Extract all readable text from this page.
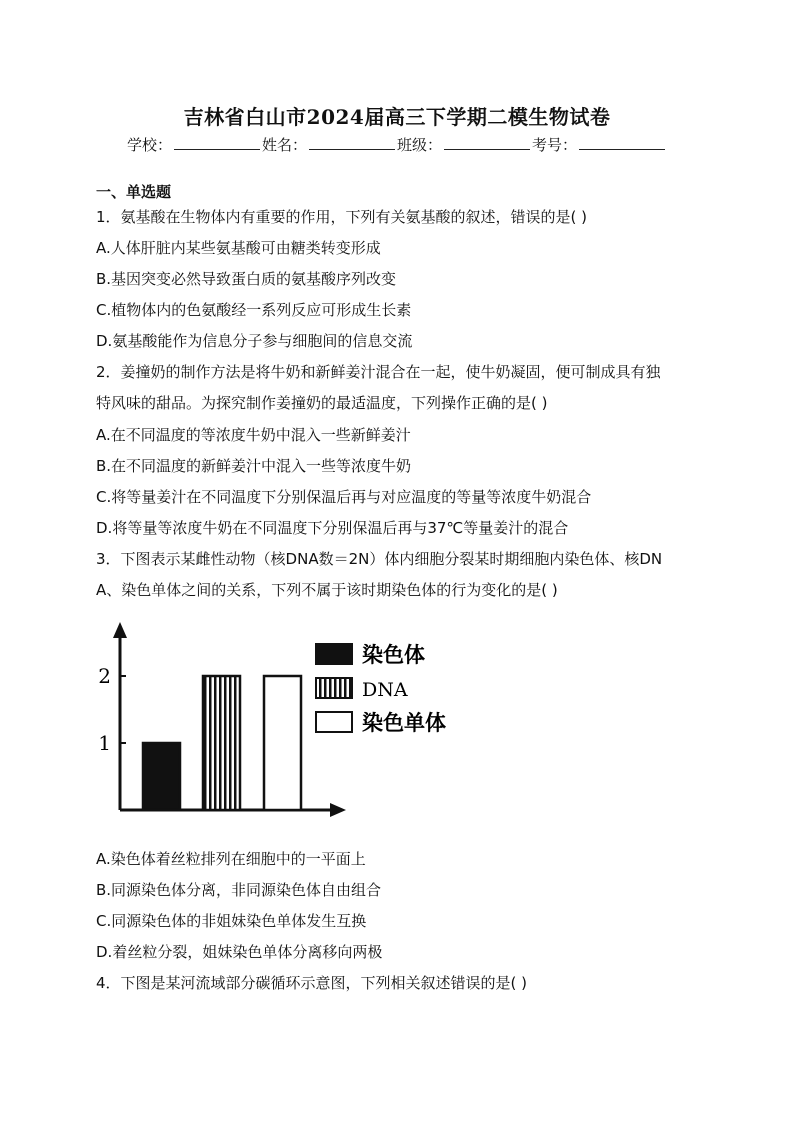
吉林省白山市2024届高三下学期二模生物试卷
学校：	姓名：	班级：	考号：
一、单选题
1．氨基酸在生物体内有重要的作用，下列有关氨基酸的叙述，错误的是( )
A.人体肝脏内某些氨基酸可由糖类转变形成
B.基因突变必然导致蛋白质的氨基酸序列改变
C.植物体内的色氨酸经一系列反应可形成生长素
D.氨基酸能作为信息分子参与细胞间的信息交流
2．姜撞奶的制作方法是将牛奶和新鲜姜汁混合在一起，使牛奶凝固，便可制成具有独
特风味的甜品。为探究制作姜撞奶的最适温度，下列操作正确的是( )
A.在不同温度的等浓度牛奶中混入一些新鲜姜汁
B.在不同温度的新鲜姜汁中混入一些等浓度牛奶
C.将等量姜汁在不同温度下分别保温后再与对应温度的等量等浓度牛奶混合
D.将等量等浓度牛奶在不同温度下分别保温后再与37℃等量姜汁的混合
3．下图表示某雌性动物（核DNA数＝2N）体内细胞分裂某时期细胞内染色体、核DN
A、染色单体之间的关系，下列不属于该时期染色体的行为变化的是( )
1
2
染色体
DNA
染色单体
A.染色体着丝粒排列在细胞中的一平面上
B.同源染色体分离，非同源染色体自由组合
C.同源染色体的非姐妹染色单体发生互换
D.着丝粒分裂，姐妹染色单体分离移向两极
4．下图是某河流域部分碳循环示意图，下列相关叙述错误的是( )
